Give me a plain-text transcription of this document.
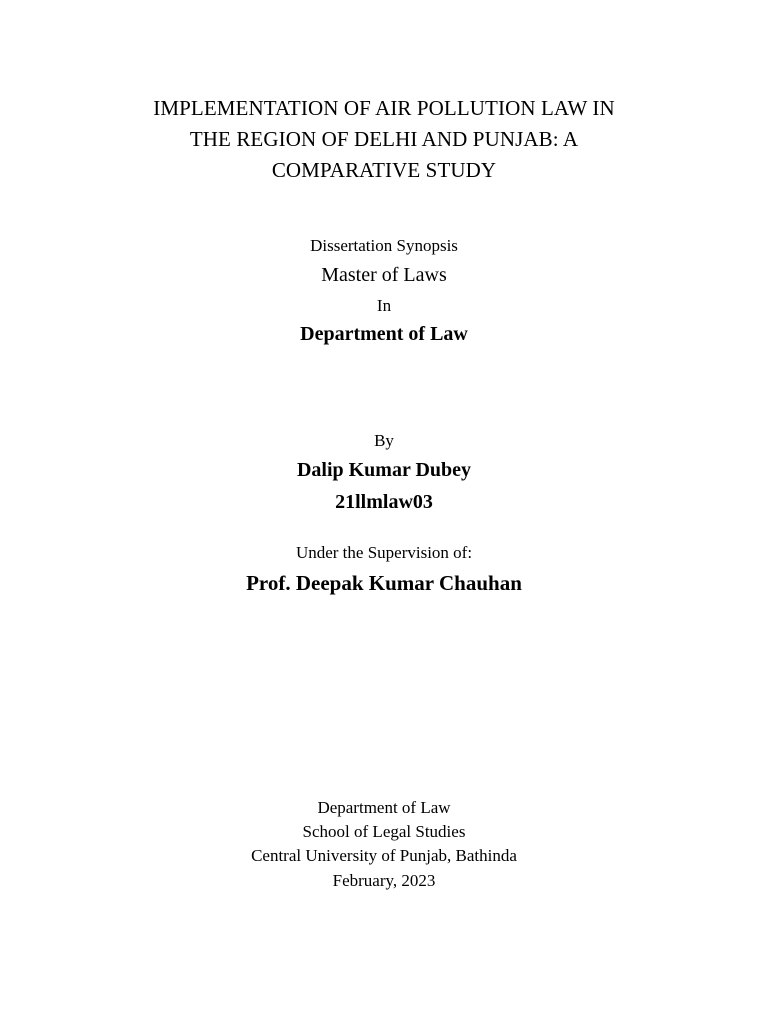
IMPLEMENTATION OF AIR POLLUTION LAW IN
THE REGION OF DELHI AND PUNJAB: A
COMPARATIVE STUDY
Dissertation Synopsis
Master of Laws
In
Department of Law
By
Dalip Kumar Dubey
21llmlaw03
Under the Supervision of:
Prof. Deepak Kumar Chauhan
Department of Law
School of Legal Studies
Central University of Punjab, Bathinda
February, 2023
